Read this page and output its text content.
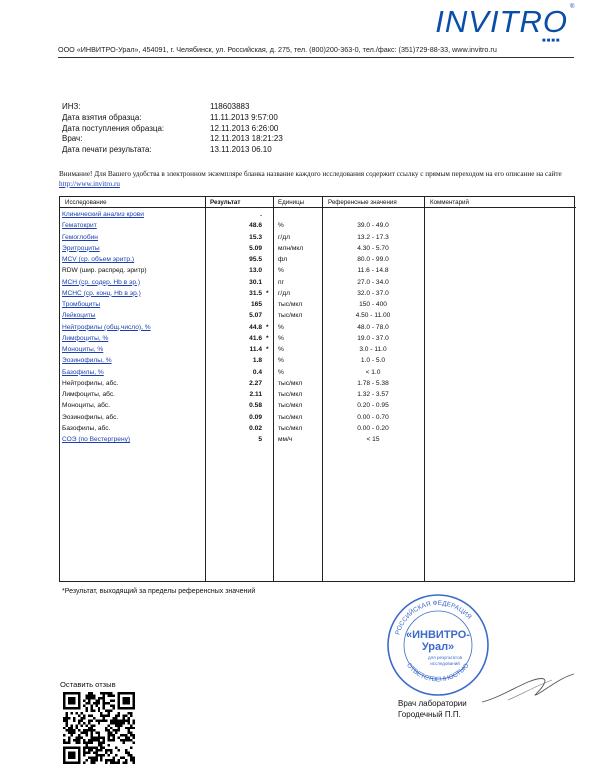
INVITRO ®
■■■■
ООО «ИНВИТРО-Урал», 454091, г. Челябинск, ул. Российская, д. 275, тел. (800)200-363-0, тел./факс: (351)729-88-33, www.invitro.ru
ИНЗ:	118603883
Дата взятия образца:	11.11.2013 9:57:00
Дата поступления образца:	12.11.2013 6:26:00
Врач:	12.11.2013 18:21:23
Дата печати результата:	13.11.2013 06.10
Внимание! Для Вашего удобства в электронном экземпляре бланка название каждого исследования содержит ссылку с прямым переходом на его описание на сайте http://www.invitro.ru
Исследование	Результат	Единицы	Референсные значения	Комментарий
Клинический анализ крови	.
Гематокрит	48.6 %	39.0 - 49.0
Гемоглобин	15.3 г/дл	13.2 - 17.3
Эритроциты	5.09 млн/мкл	4.30 - 5.70
MCV (ср. объем эритр.)	95.5 фл	80.0 - 99.0
RDW (шир. распред. эритр)	13.0 %	11.6 - 14.8
MCH (ср. содер. Hb в эр.)	30.1 пг	27.0 - 34.0
MCHC (ср. конц. Hb в эр.)	31.5 *	г/дл	32.0 - 37.0
Тромбоциты	165 тыс/мкл	150 - 400
Лейкоциты	5.07 тыс/мкл	4.50 - 11.00
Нейтрофилы (общ.число), %	44.8 *	%	48.0 - 78.0
Лимфоциты, %	41.6 *	%	19.0 - 37.0
Моноциты, %	11.4 *	%	3.0 - 11.0
Эозинофилы, %	1.8 %	1.0 - 5.0
Базофилы, %	0.4 %	< 1.0
Нейтрофилы, абс.	2.27 тыс/мкл	1.78 - 5.38
Лимфоциты, абс.	2.11 тыс/мкл	1.32 - 3.57
Моноциты, абс.	0.58 тыс/мкл	0.20 - 0.95
Эозинофилы, абс.	0.09 тыс/мкл	0.00 - 0.70
Базофилы, абс.	0.02 тыс/мкл	0.00 - 0.20
СОЭ (по Вестергрену)	5 мм/ч	< 15
*Результат, выходящий за пределы референсных значений
РОССИЙСКАЯ ФЕДЕРАЦИЯ
ОТВЕТСТВЕННОСТЬЮ
«ИНВИТРО-
Урал»
для результатов
исследований
Оставить отзыв
Врач лаборатории
Городечный П.П.
